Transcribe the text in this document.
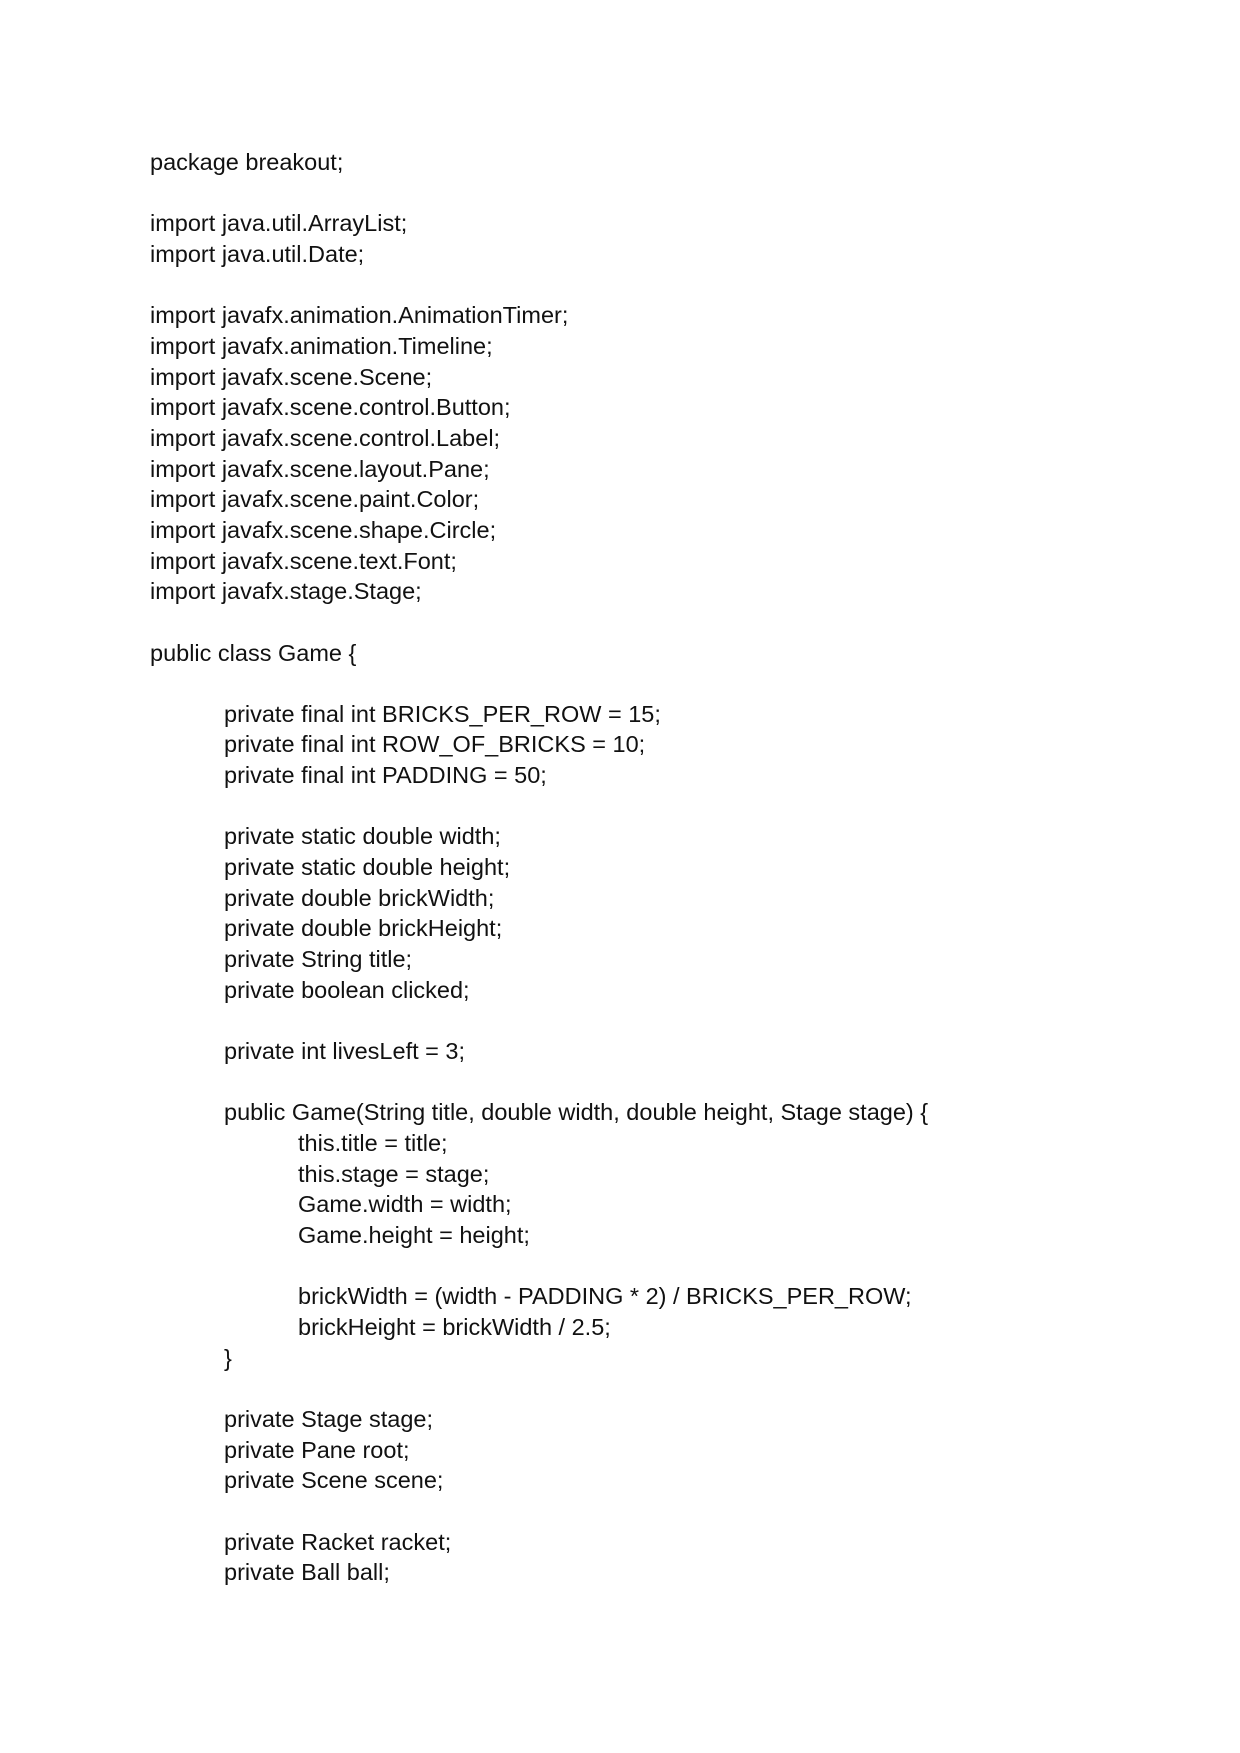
package breakout;
import java.util.ArrayList;
import java.util.Date;
import javafx.animation.AnimationTimer;
import javafx.animation.Timeline;
import javafx.scene.Scene;
import javafx.scene.control.Button;
import javafx.scene.control.Label;
import javafx.scene.layout.Pane;
import javafx.scene.paint.Color;
import javafx.scene.shape.Circle;
import javafx.scene.text.Font;
import javafx.stage.Stage;
public class Game {
private final int BRICKS_PER_ROW = 15;
private final int ROW_OF_BRICKS = 10;
private final int PADDING = 50;
private static double width;
private static double height;
private double brickWidth;
private double brickHeight;
private String title;
private boolean clicked;
private int livesLeft = 3;
public Game(String title, double width, double height, Stage stage) {
this.title = title;
this.stage = stage;
Game.width = width;
Game.height = height;
brickWidth = (width - PADDING * 2) / BRICKS_PER_ROW;
brickHeight = brickWidth / 2.5;
}
private Stage stage;
private Pane root;
private Scene scene;
private Racket racket;
private Ball ball;
